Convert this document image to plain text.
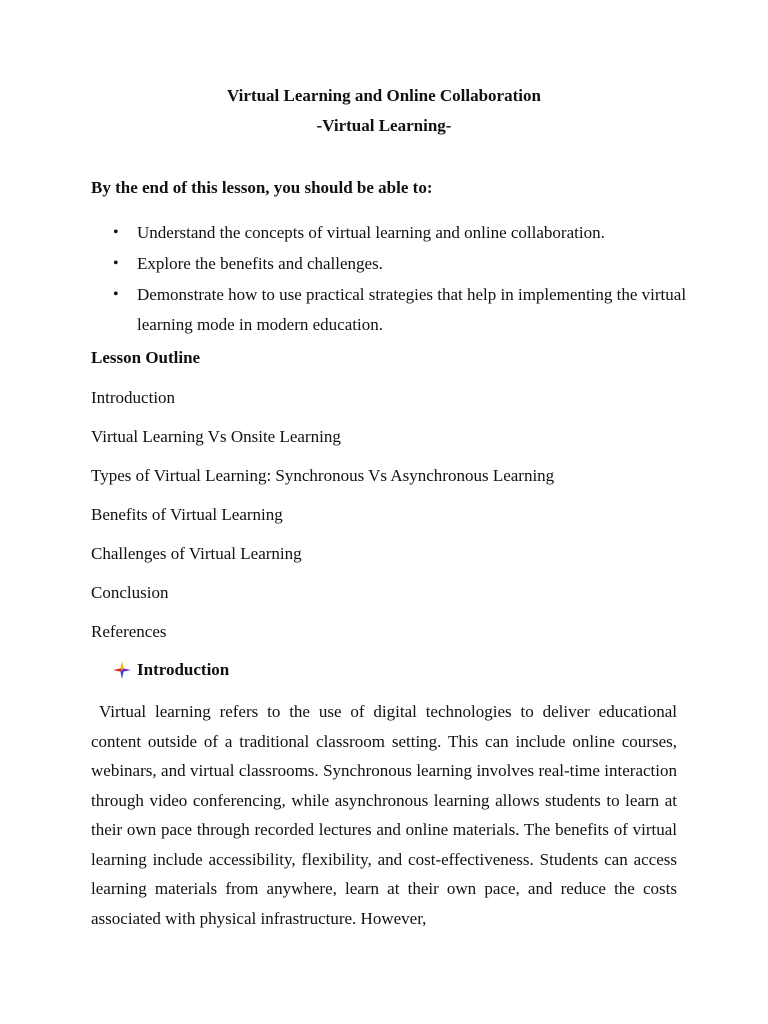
Virtual Learning and Online Collaboration
-Virtual Learning-
By the end of this lesson, you should be able to:
• Understand the concepts of virtual learning and online collaboration.
• Explore the benefits and challenges.
• Demonstrate how to use practical strategies that help in implementing the virtual learning mode in modern education.
Lesson Outline
Introduction
Virtual Learning Vs Onsite Learning
Types of Virtual Learning: Synchronous Vs Asynchronous Learning
Benefits of Virtual Learning
Challenges of Virtual Learning
Conclusion
References
Introduction

Virtual learning refers to the use of digital technologies to deliver educational content outside of a traditional classroom setting. This can include online courses, webinars, and virtual classrooms. Synchronous learning involves real-time interaction through video conferencing, while asynchronous learning allows students to learn at their own pace through recorded lectures and online materials. The benefits of virtual learning include accessibility, flexibility, and cost-effectiveness. Students can access learning materials from anywhere, learn at their own pace, and reduce the costs associated with physical infrastructure. However,
